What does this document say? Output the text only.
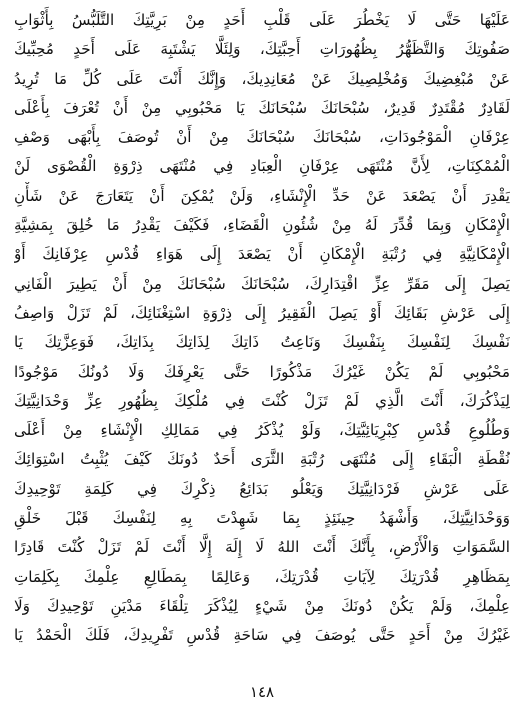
عَلَيْهَا حَتَّى لَا يَخْطُرَ عَلَى قَلْبِ أَحَدٍ مِنْ بَرِيَّتِكَ التَّلَبُّسُ بِأَثْوَابِ
صَفُوتِكَ وَالتَّظَهُّرُ بِظُهُورَاتِ أَحِبَّتِكَ، وَلِئَلَّا يَشْتَبِهَ عَلَى أَحَدٍ مُحِبِّيكَ
عَنْ مُبْغِضِيكَ وَمُخْلِصِيكَ عَنْ مُعَانِدِيكَ، وَإِنَّكَ أَنْتَ عَلَى كُلِّ مَا تُرِيدُ
لَقَادِرٌ مُقْتَدِرٌ قَدِيرٌ، سُبْحَانَكَ سُبْحَانَكَ يَا مَحْبُوبِي مِنْ أَنْ تُعْرَفَ بِأَعْلَى
عِرْفَانِ الْمَوْجُودَاتِ، سُبْحَانَكَ سُبْحَانَكَ مِنْ أَنْ تُوصَفَ بِأَبْهَى وَصْفِ
الْمُمْكِنَاتِ، لِأَنَّ مُنْتَهَى عِرْفَانِ الْعِبَادِ فِي مُنْتَهَى ذِرْوَةِ الْقُصْوَى لَنْ
يَقْدِرَ أَنْ يَصْعَدَ عَنْ حَدِّ الْإِنْشَاءِ، وَلَنْ يُمْكِنَ أَنْ يَتَعَارَجَ عَنْ شَأْنِ
الْإِمْكَانِ وَبِمَا قُدِّرَ لَهُ مِنْ شُئُونِ الْقَضَاءِ، فَكَيْفَ يَقْدِرُ مَا خُلِقَ بِمَشِيَّةِ
الْإِمْكَانِيَّةِ فِي رُتْبَةِ الْإِمْكَانِ أَنْ يَصْعَدَ إِلَى هَوَاءِ قُدْسِ عِرْفَانِكَ أَوْ
يَصِلَ إِلَى مَقَرِّ عِزِّ اقْتِدَارِكَ، سُبْحَانَكَ سُبْحَانَكَ مِنْ أَنْ يَطِيرَ الْفَانِي
إِلَى عَرْشِ بَقَائِكَ أَوْ يَصِلَ الْفَقِيرُ إِلَى ذِرْوَةِ اسْتِغْنَائِكَ، لَمْ تَزَلْ وَاصِفُ
نَفْسِكَ لِنَفْسِكَ بِنَفْسِكَ وَنَاعِتُ ذَاتِكَ لِذَاتِكَ بِذَاتِكَ، فَوَعِزَّتِكَ يَا
مَحْبُوبِي لَمْ يَكُنْ غَيْرُكَ مَذْكُورًا حَتَّى يَعْرِفَكَ وَلَا دُونُكَ مَوْجُودًا
لِيَذْكُرَكَ، أَنْتَ الَّذِي لَمْ تَزَلْ كُنْتَ فِي مُلْكِكَ بِظُهُورِ عِزِّ وَحْدَانِيَّتِكَ
وَطُلُوعِ قُدْسِ كِبْرِيَائِيَّتِكَ، وَلَوْ يُذْكَرُ فِي مَمَالِكِ الْإِنْشَاءِ مِنْ أَعْلَى
نُقْطَةِ الْبَقَاءِ إِلَى مُنْتَهَى رُتْبَةِ الثَّرَى أَحَدٌ دُونَكَ كَيْفَ يُثْبِتُ اسْتِوَائِكَ
عَلَى عَرْشِ فَرْدَانِيَّتِكَ وَيَعْلُو بَدَائِعُ ذِكْرِكَ فِي كَلِمَةِ تَوْحِيدِكَ
وَوَحْدَانِيَّتِكَ، وَأَشْهَدُ حِينَئِذٍ بِمَا شَهِدْتَ بِهِ لِنَفْسِكَ قَبْلَ خَلْقِ
السَّمَوَاتِ وَالْأَرْضِ، بِأَنَّكَ أَنْتَ اللهُ لَا إِلَهَ إِلَّا أَنْتَ لَمْ تَزَلْ كُنْتَ قَادِرًا
بِمَظَاهِرِ قُدْرَتِكَ لِآيَاتِ قُدْرَتِكَ، وَعَالِمًا بِمَطَالِعِ عِلْمِكَ بِكَلِمَاتِ
عِلْمِكَ، وَلَمْ يَكُنْ دُونَكَ مِنْ شَيْءٍ لِيُذْكَرَ تِلْقَاءَ مَدْيَنِ تَوْحِيدِكَ وَلَا
غَيْرُكَ مِنْ أَحَدٍ حَتَّى يُوصَفَ فِي سَاحَةِ قُدْسِ تَفْرِيدِكَ، فَلَكَ الْحَمْدُ يَا
١٤٨
